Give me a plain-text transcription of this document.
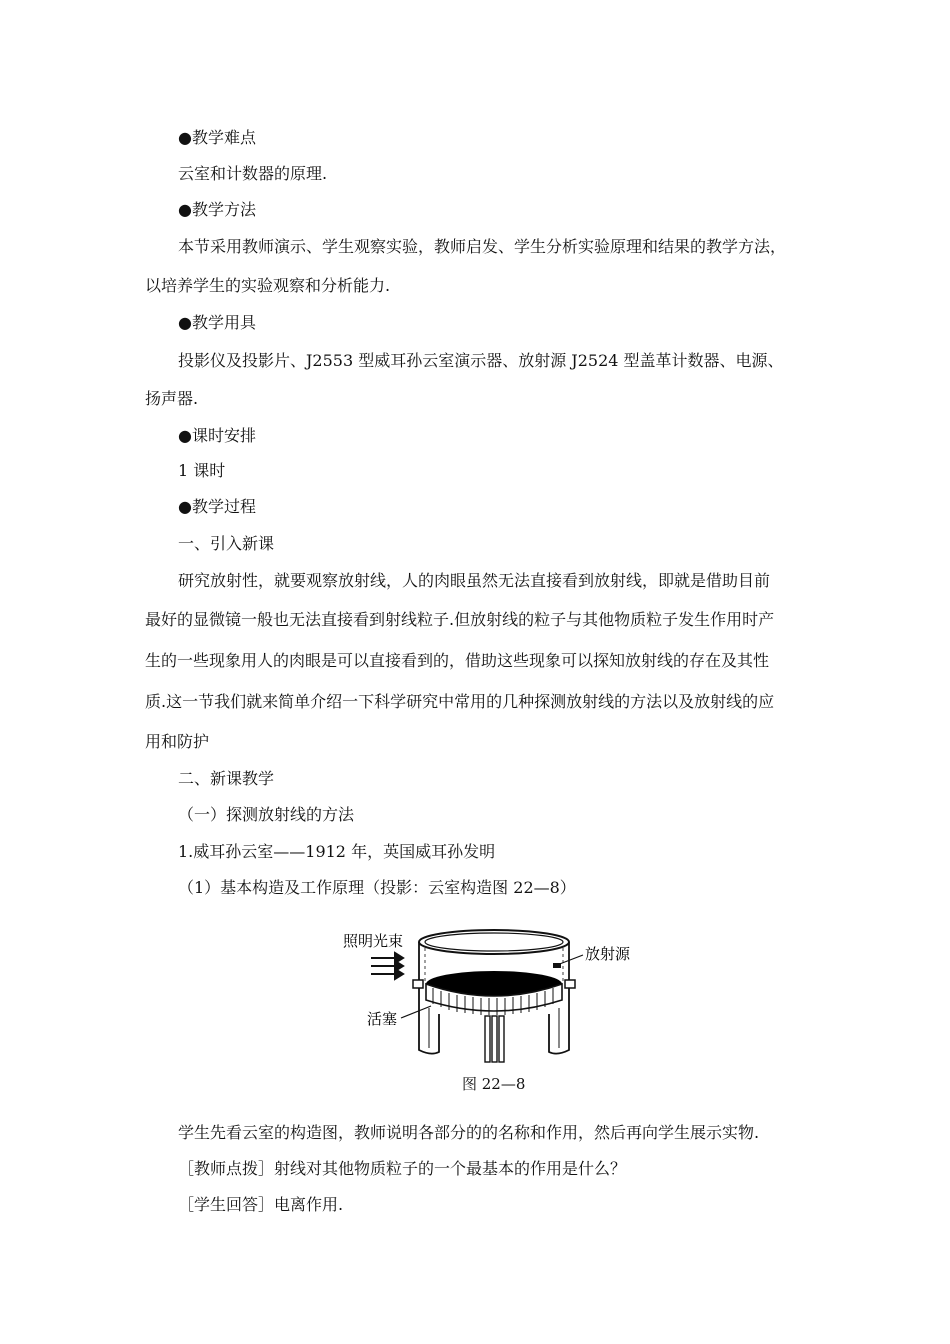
●教学难点
云室和计数器的原理.
●教学方法
本节采用教师演示、学生观察实验，教师启发、学生分析实验原理和结果的教学方法，
以培养学生的实验观察和分析能力.
●教学用具
投影仪及投影片、J2553 型威耳孙云室演示器、放射源 J2524 型盖革计数器、电源、
扬声器.
●课时安排
1 课时
●教学过程
一、引入新课
研究放射性，就要观察放射线，人的肉眼虽然无法直接看到放射线，即就是借助目前
最好的显微镜一般也无法直接看到射线粒子.但放射线的粒子与其他物质粒子发生作用时产
生的一些现象用人的肉眼是可以直接看到的，借助这些现象可以探知放射线的存在及其性
质.这一节我们就来简单介绍一下科学研究中常用的几种探测放射线的方法以及放射线的应
用和防护
二、新课教学
（一）探测放射线的方法
1.威耳孙云室——1912 年，英国威耳孙发明
（1）基本构造及工作原理（投影：云室构造图 22—8）
照明光束
放射源
活塞
图 22—8
学生先看云室的构造图，教师说明各部分的的名称和作用，然后再向学生展示实物.
［教师点拨］射线对其他物质粒子的一个最基本的作用是什么？
［学生回答］电离作用.
